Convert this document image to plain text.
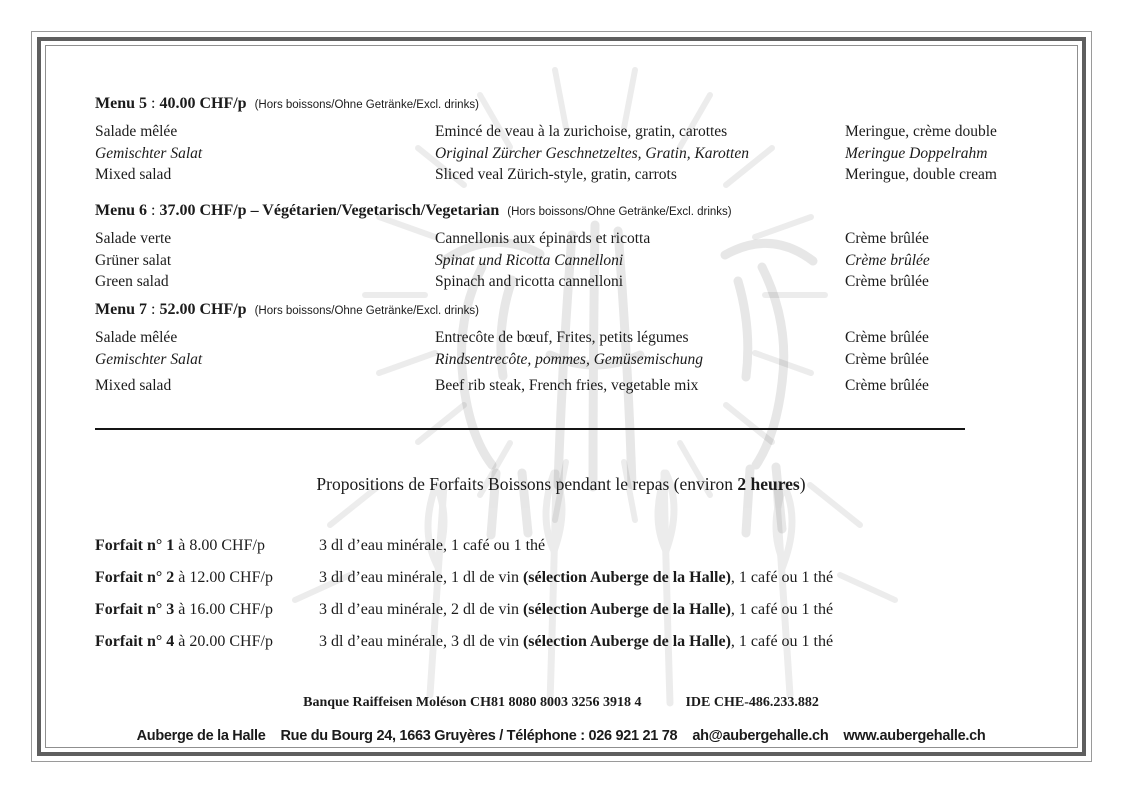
Menu 5 : 40.00 CHF/p (Hors boissons/Ohne Getränke/Excl. drinks)
Salade mêlée	Emincé de veau à la zurichoise, gratin, carottes	Meringue, crème double
Gemischter Salat	Original Zürcher Geschnetzeltes, Gratin, Karotten	Meringue Doppelrahm
Mixed salad	Sliced veal Zürich-style, gratin, carrots	Meringue, double cream
Menu 6 : 37.00 CHF/p – Végétarien/Vegetarisch/Vegetarian (Hors boissons/Ohne Getränke/Excl. drinks)
Salade verte	Cannellonis aux épinards et ricotta	Crème brûlée
Grüner salat	Spinat und Ricotta Cannelloni	Crème brûlée
Green salad	Spinach and ricotta cannelloni	Crème brûlée
Menu 7 : 52.00 CHF/p (Hors boissons/Ohne Getränke/Excl. drinks)
Salade mêlée	Entrecôte de bœuf, Frites, petits légumes	Crème brûlée
Gemischter Salat	Rindsentrecôte, pommes, Gemüsemischung	Crème brûlée
Mixed salad	Beef rib steak, French fries, vegetable mix	Crème brûlée
Propositions de Forfaits Boissons pendant le repas (environ 2 heures)
Forfait n° 1 à 8.00 CHF/p	3 dl d’eau minérale, 1 café ou 1 thé
Forfait n° 2 à 12.00 CHF/p	3 dl d’eau minérale, 1 dl de vin (sélection Auberge de la Halle), 1 café ou 1 thé
Forfait n° 3 à 16.00 CHF/p	3 dl d’eau minérale, 2 dl de vin (sélection Auberge de la Halle), 1 café ou 1 thé
Forfait n° 4 à 20.00 CHF/p	3 dl d’eau minérale, 3 dl de vin (sélection Auberge de la Halle), 1 café ou 1 thé
Banque Raiffeisen Moléson CH81 8080 8003 3256 3918 4	IDE CHE-486.233.882
Auberge de la Halle Rue du Bourg 24, 1663 Gruyères / Téléphone : 026 921 21 78 ah@aubergehalle.ch www.aubergehalle.ch
